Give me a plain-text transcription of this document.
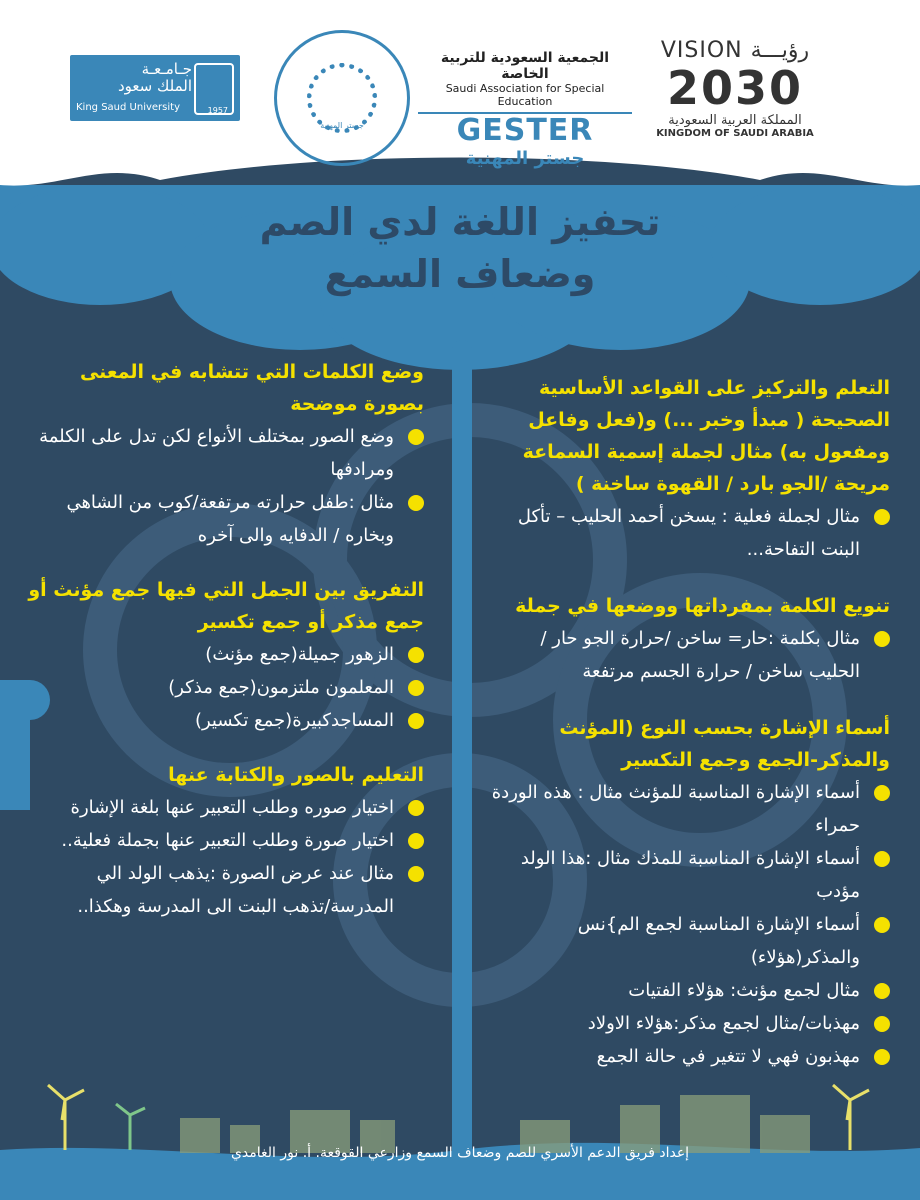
جـامـعـة
الملك سعود
King Saud University	1957
جستر المهنية
الجمعية السعودية للتربية الخاصة
Saudi Association for Special Education
GESTER
جستر المهنية
VISION رؤيـــة
2030
المملكة العربية السعودية
KINGDOM OF SAUDI ARABIA
تحفيز اللغة لدي الصم
وضعاف السمع
التعلم والتركيز على القواعد الأساسية الصحيحة ( مبدأ وخبر ...) و(فعل وفاعل ومفعول به) مثال لجملة إسمية السماعة مريحة /الجو بارد / القهوة ساخنة )
مثال لجملة فعلية : يسخن أحمد الحليب – تأكل البنت التفاحة...
تنويع الكلمة بمفرداتها ووضعها في جملة
مثال بكلمة :حار= ساخن /حرارة الجو حار / الحليب ساخن / حرارة الجسم مرتفعة
أسماء الإشارة بحسب النوع (المؤنث والمذكر-الجمع وجمع التكسير
أسماء الإشارة المناسبة للمؤنث مثال : هذه الوردة حمراء
أسماء الإشارة المناسبة للمذك مثال :هذا الولد مؤدب
أسماء الإشارة المناسبة لجمع الم}نس والمذكر(هؤلاء)
مثال لجمع مؤنث: هؤلاء الفتيات
مهذبات/مثال لجمع مذكر:هؤلاء الاولاد
مهذبون فهي لا تتغير في حالة الجمع
وضع الكلمات التي تتشابه في المعنى بصورة موضحة
وضع الصور بمختلف الأنواع لكن تدل على الكلمة ومرادفها
مثال :طفل حرارته مرتفعة/كوب من الشاهي وبخاره / الدفايه والى آخره
التفريق بين الجمل التي فيها جمع مؤنث أو جمع مذكر أو جمع تكسير
الزهور جميلة(جمع مؤنث)
المعلمون ملتزمون(جمع مذكر)
المساجدكبيرة(جمع تكسير)
التعليم بالصور والكتابة عنها
اختيار صوره وطلب التعبير عنها بلغة الإشارة
اختيار صورة وطلب التعبير عنها بجملة فعلية..
مثال عند عرض الصورة :يذهب الولد الي المدرسة/تذهب البنت الى المدرسة وهكذا..
إعداد فريق الدعم الأسري للصم وضعاف السمع وزارعي القوقعة. أ. نور الغامدي
